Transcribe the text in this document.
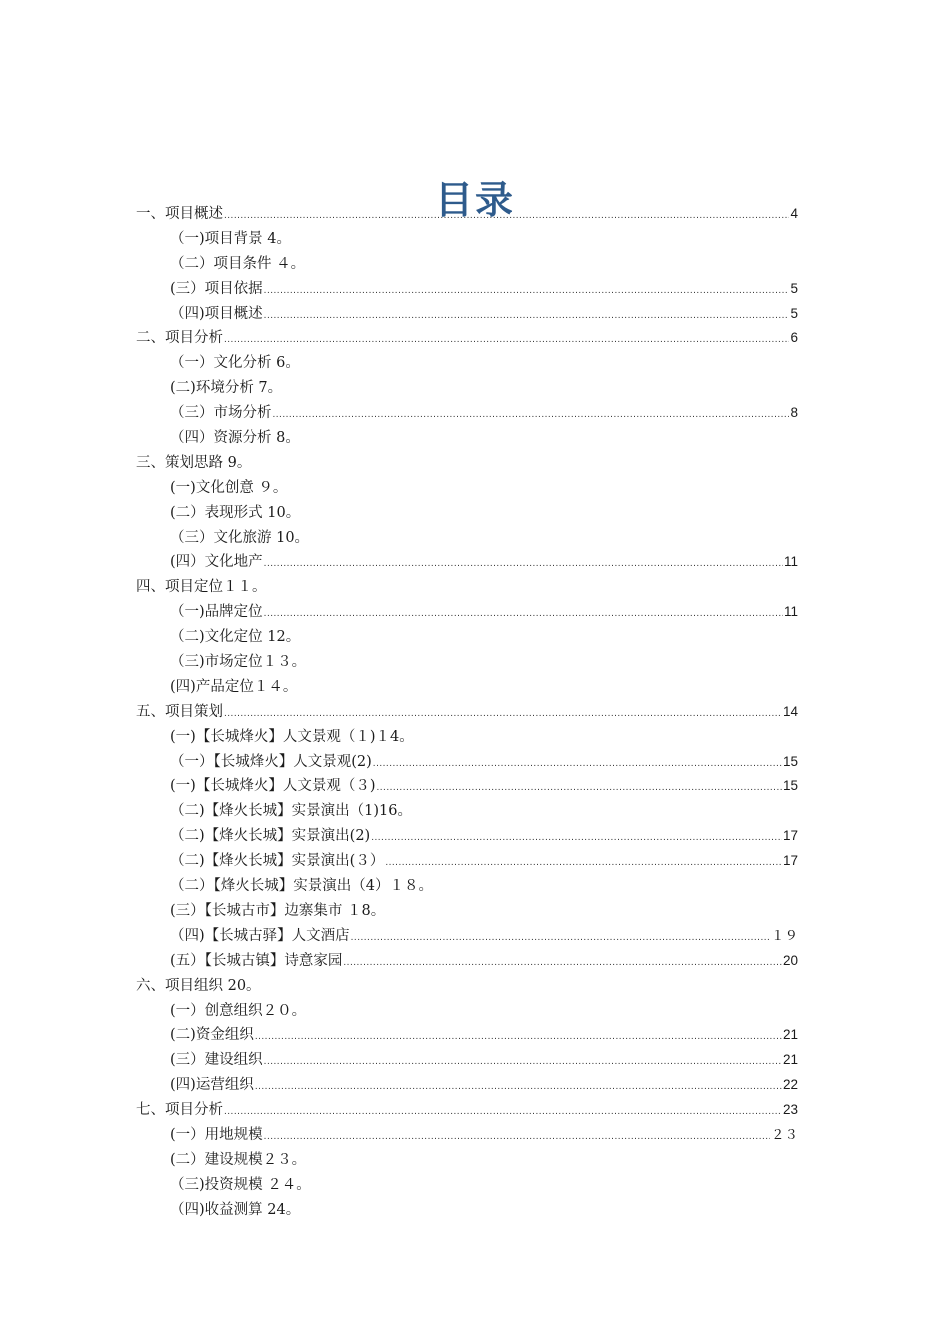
目录
一、项目概述 .....	4
（一)项目背景 4。
（二）项目条件 ４。
(三）项目依据 .....	5
（四)项目概述 .....	5
二、项目分析 .....	6
（一）文化分析 6。
(二)环境分析 7。
（三）市场分析 .....	8
（四）资源分析 8。
三、策划思路 9。
(一)文化创意 ９。
(二）表现形式 10。
（三）文化旅游 10。
(四）文化地产 .....	11
四、项目定位１１。
（一)品牌定位 .....	11
（二)文化定位 12。
（三)市场定位１３。
(四)产品定位１４。
五、项目策划 .....	14
(一)【长城烽火】人文景观（１)１4。
（一）【长城烽火】人文景观(2) .....	15
(一)【长城烽火】人文景观（３) .....	15
（二)【烽火长城】实景演出（1)16。
（二)【烽火长城】实景演出(2) .....	17
（二)【烽火长城】实景演出(３） .....	17
（二）【烽火长城】实景演出（4）１８。
(三）【长城古市】边寨集市 １8。
（四)【长城古驿】人文酒店 .....	１９
(五）【长城古镇】诗意家园 .....	20
六、项目组织 20。
(一）创意组织２０。
(二)资金组织 .....	21
(三）建设组织 .....	21
(四)运营组织 .....	22
七、项目分析 .....	23
(一）用地规模 .....	２３
(二）建设规模２３。
（三)投资规模 ２４。
（四)收益测算 24。
